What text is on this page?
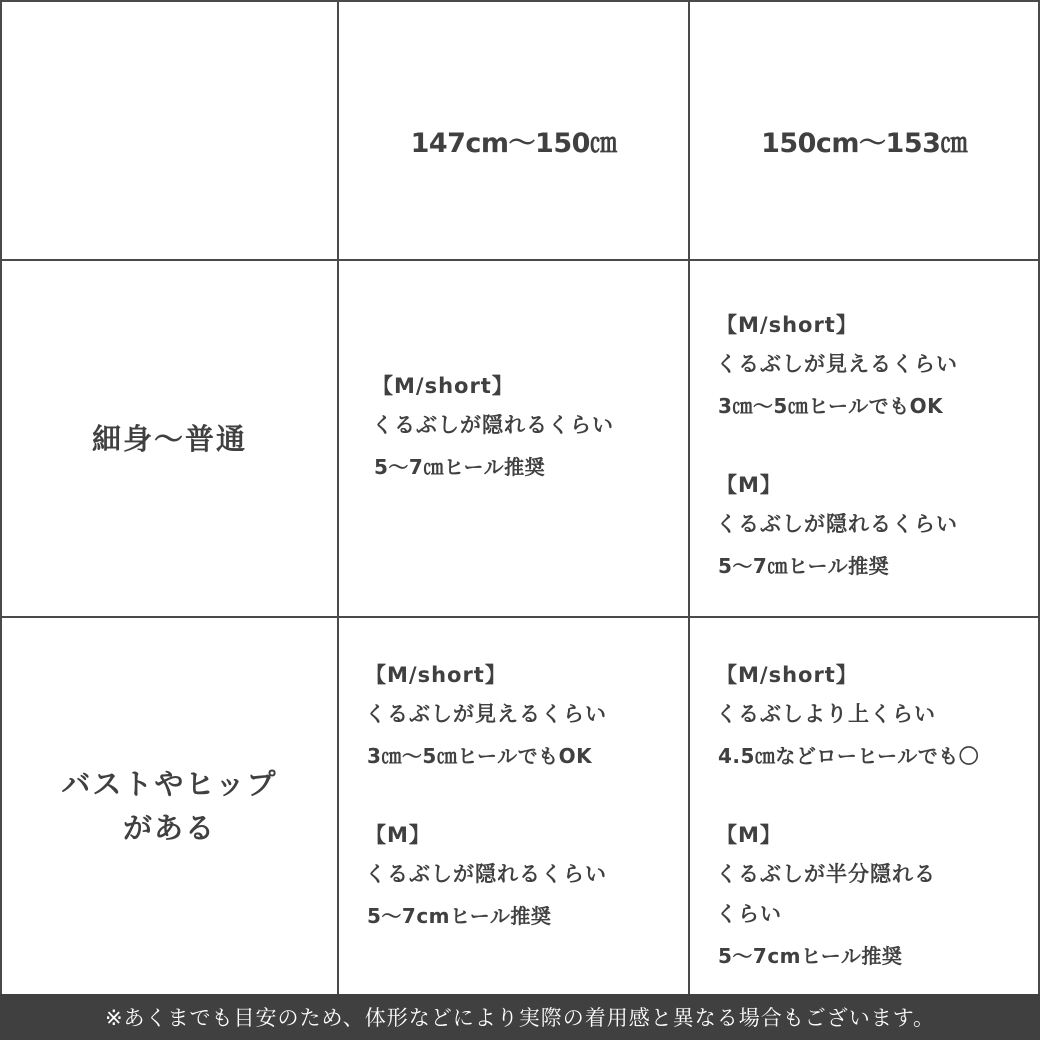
147cm〜150㎝	150cm〜153㎝
細身〜普通
【M/short】
くるぶしが隠れるくらい
5〜7㎝ヒール推奨
【M/short】
くるぶしが見えるくらい
3㎝〜5㎝ヒールでもOK
【M】
くるぶしが隠れるくらい
5〜7㎝ヒール推奨
バストやヒップ
がある
【M/short】
くるぶしが見えるくらい
3㎝〜5㎝ヒールでもOK
【M】
くるぶしが隠れるくらい
5〜7cmヒール推奨
【M/short】
くるぶしより上くらい
4.5㎝などローヒールでも〇
【M】
くるぶしが半分隠れる
くらい
5〜7cmヒール推奨
※あくまでも目安のため、体形などにより実際の着用感と異なる場合もございます。
